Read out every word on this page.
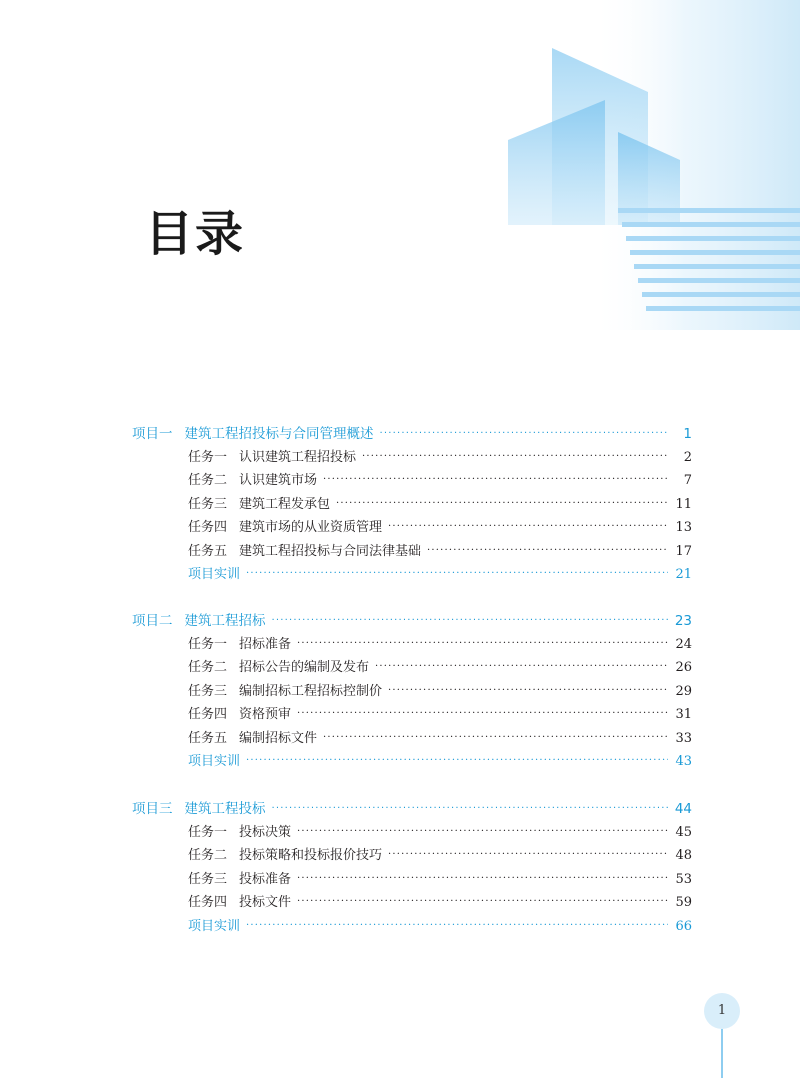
目录
项目一 建筑工程招投标与合同管理概述 ·····	1
任务一 认识建筑工程招投标 ·····	2
任务二 认识建筑市场 ·····	7
任务三 建筑工程发承包 ·····	11
任务四 建筑市场的从业资质管理 ·····	13
任务五 建筑工程招投标与合同法律基础 ·····	17
项目实训 ·····	21
项目二 建筑工程招标 ·····	23
任务一 招标准备 ·····	24
任务二 招标公告的编制及发布 ·····	26
任务三 编制招标工程招标控制价 ·····	29
任务四 资格预审 ·····	31
任务五 编制招标文件 ·····	33
项目实训 ·····	43
项目三 建筑工程投标 ·····	44
任务一 投标决策 ·····	45
任务二 投标策略和投标报价技巧 ·····	48
任务三 投标准备 ·····	53
任务四 投标文件 ·····	59
项目实训 ·····	66
1
